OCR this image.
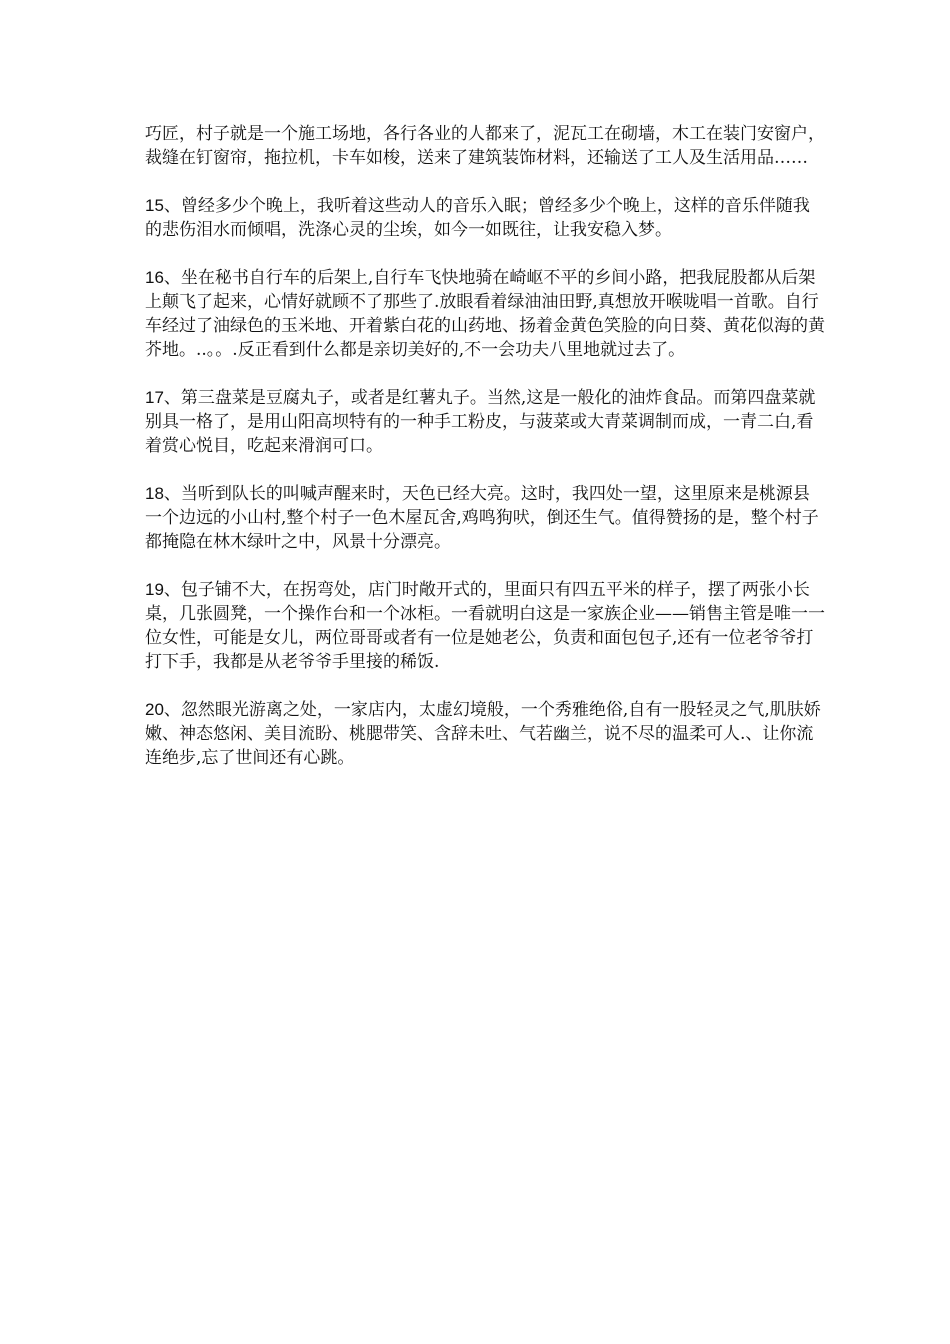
巧匠，村子就是一个施工场地，各行各业的人都来了，泥瓦工在砌墙，木工在装门安窗户，裁缝在钉窗帘，拖拉机，卡车如梭，送来了建筑装饰材料，还输送了工人及生活用品……

15、曾经多少个晚上，我听着这些动人的音乐入眠；曾经多少个晚上，这样的音乐伴随我的悲伤泪水而倾唱，洗涤心灵的尘埃，如今一如既往，让我安稳入梦。

16、坐在秘书自行车的后架上,自行车飞快地骑在崎岖不平的乡间小路，把我屁股都从后架上颠飞了起来，心情好就顾不了那些了.放眼看着绿油油田野,真想放开喉咙唱一首歌。自行车经过了油绿色的玉米地、开着紫白花的山药地、扬着金黄色笑脸的向日葵、黄花似海的黄芥地。..。。.反正看到什么都是亲切美好的,不一会功夫八里地就过去了。

17、第三盘菜是豆腐丸子，或者是红薯丸子。当然,这是一般化的油炸食品。而第四盘菜就别具一格了，是用山阳高坝特有的一种手工粉皮，与菠菜或大青菜调制而成，一青二白,看着赏心悦目，吃起来滑润可口。

18、当听到队长的叫喊声醒来时，天色已经大亮。这时，我四处一望，这里原来是桃源县一个边远的小山村,整个村子一色木屋瓦舍,鸡鸣狗吠，倒还生气。值得赞扬的是，整个村子都掩隐在林木绿叶之中，风景十分漂亮。

19、包子铺不大，在拐弯处，店门时敞开式的，里面只有四五平米的样子，摆了两张小长桌，几张圆凳，一个操作台和一个冰柜。一看就明白这是一家族企业——销售主管是唯一一位女性，可能是女儿，两位哥哥或者有一位是她老公，负责和面包包子,还有一位老爷爷打打下手，我都是从老爷爷手里接的稀饭.

20、忽然眼光游离之处，一家店内，太虚幻境般，一个秀雅绝俗,自有一股轻灵之气,肌肤娇嫩、神态悠闲、美目流盼、桃腮带笑、含辞未吐、气若幽兰，说不尽的温柔可人.、让你流连绝步,忘了世间还有心跳。
